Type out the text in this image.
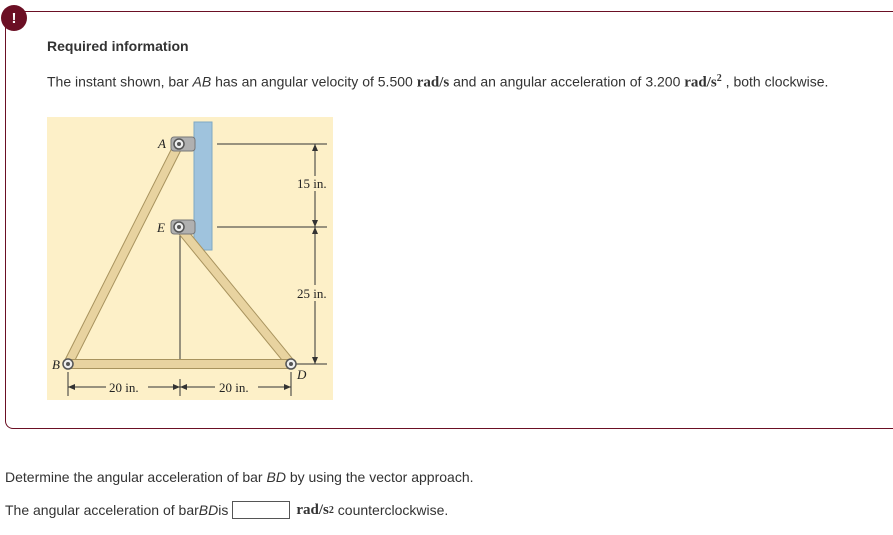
!
Required information
The instant shown, bar AB has an angular velocity of 5.500 rad/s and an angular acceleration of 3.200 rad/$s^2$ , both clockwise.
A
E
B
D
15 in.
25 in.
20 in.	20 in.
Determine the angular acceleration of bar BD by using the vector approach.
The angular acceleration of bar BD is	rad/s 2 counterclockwise.
